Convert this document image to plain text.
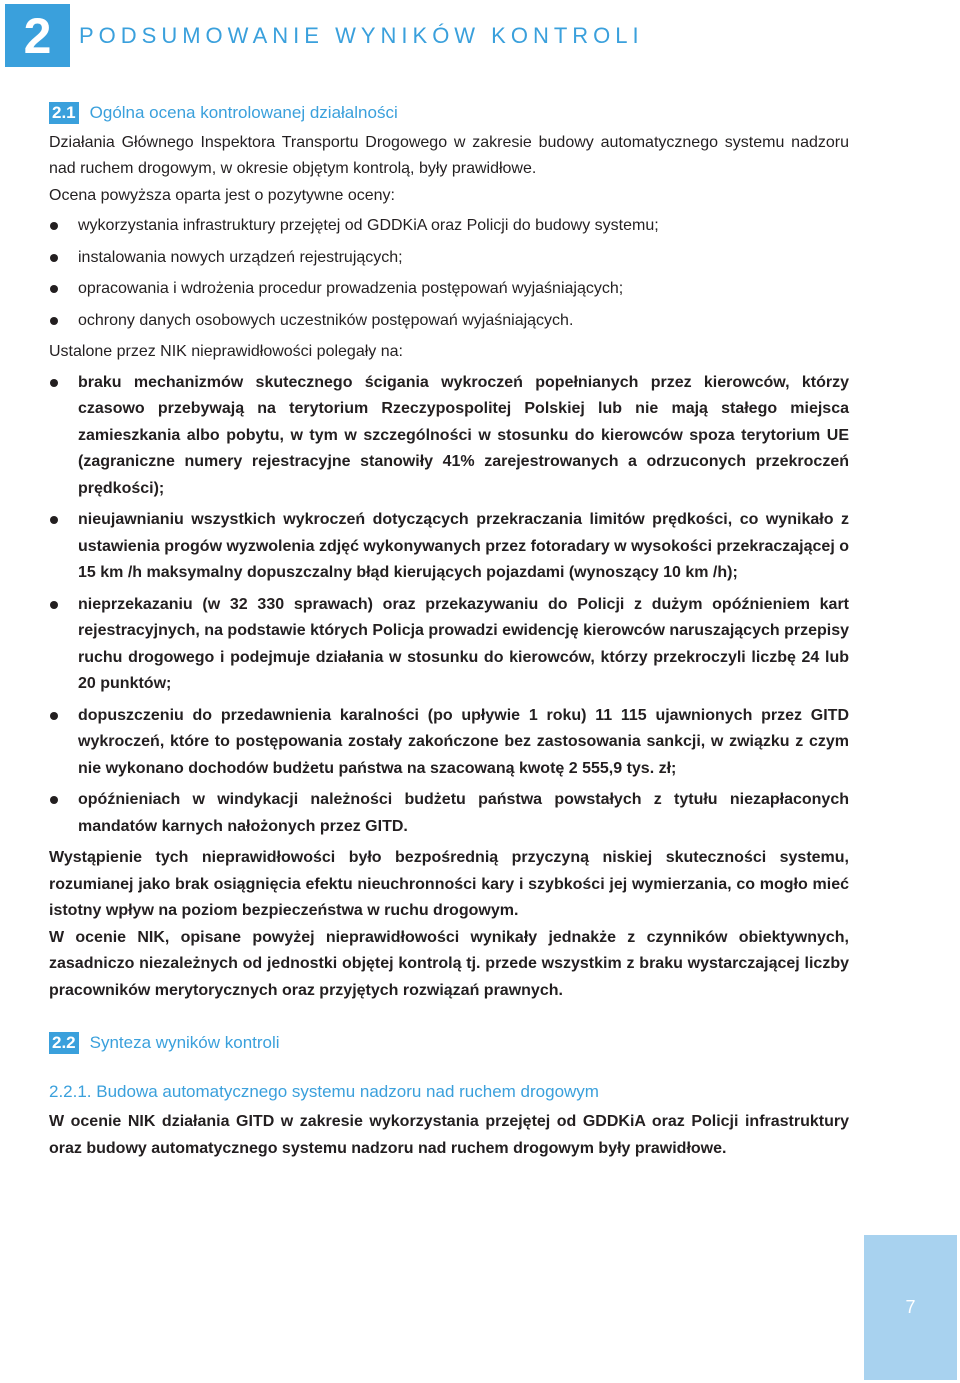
2 PODSUMOWANIE WYNIKÓW KONTROLI
2.1 Ogólna ocena kontrolowanej działalności

Działania Głównego Inspektora Transportu Drogowego w zakresie budowy automatycznego systemu nadzoru nad ruchem drogowym, w okresie objętym kontrolą, były prawidłowe.

Ocena powyższa oparta jest o pozytywne oceny:

wykorzystania infrastruktury przejętej od GDDKiA oraz Policji do budowy systemu;
instalowania nowych urządzeń rejestrujących;
opracowania i wdrożenia procedur prowadzenia postępowań wyjaśniających;
ochrony danych osobowych uczestników postępowań wyjaśniających.

Ustalone przez NIK nieprawidłowości polegały na:

braku mechanizmów skutecznego ścigania wykroczeń popełnianych przez kierowców, którzy czasowo przebywają na terytorium Rzeczypospolitej Polskiej lub nie mają stałego miejsca zamieszkania albo pobytu, w tym w szczególności w stosunku do kierowców spoza terytorium UE (zagraniczne numery rejestracyjne stanowiły 41% zarejestrowanych a odrzuconych przekroczeń prędkości);
nieujawnianiu wszystkich wykroczeń dotyczących przekraczania limitów prędkości, co wynikało z ustawienia progów wyzwolenia zdjęć wykonywanych przez fotoradary w wysokości przekraczającej o 15 km /h maksymalny dopuszczalny błąd kierujących pojazdami (wynoszący 10 km /h);
nieprzekazaniu (w 32 330 sprawach) oraz przekazywaniu do Policji z dużym opóźnieniem kart rejestracyjnych, na podstawie których Policja prowadzi ewidencję kierowców naruszających przepisy ruchu drogowego i podejmuje działania w stosunku do kierowców, którzy przekroczyli liczbę 24 lub 20 punktów;
dopuszczeniu do przedawnienia karalności (po upływie 1 roku) 11 115 ujawnionych przez GITD wykroczeń, które to postępowania zostały zakończone bez zastosowania sankcji, w związku z czym nie wykonano dochodów budżetu państwa na szacowaną kwotę 2 555,9 tys. zł;
opóźnieniach w windykacji należności budżetu państwa powstałych z tytułu niezapłaconych mandatów karnych nałożonych przez GITD.

Wystąpienie tych nieprawidłowości było bezpośrednią przyczyną niskiej skuteczności systemu, rozumianej jako brak osiągnięcia efektu nieuchronności kary i szybkości jej wymierzania, co mogło mieć istotny wpływ na poziom bezpieczeństwa w ruchu drogowym.

W ocenie NIK, opisane powyżej nieprawidłowości wynikały jednakże z czynników obiektywnych, zasadniczo niezależnych od jednostki objętej kontrolą tj. przede wszystkim z braku wystarczającej liczby pracowników merytorycznych oraz przyjętych rozwiązań prawnych.

2.2 Synteza wyników kontroli
2.2.1. Budowa automatycznego systemu nadzoru nad ruchem drogowym

W ocenie NIK działania GITD w zakresie wykorzystania przejętej od GDDKiA oraz Policji infrastruktury oraz budowy automatycznego systemu nadzoru nad ruchem drogowym były prawidłowe.

7
